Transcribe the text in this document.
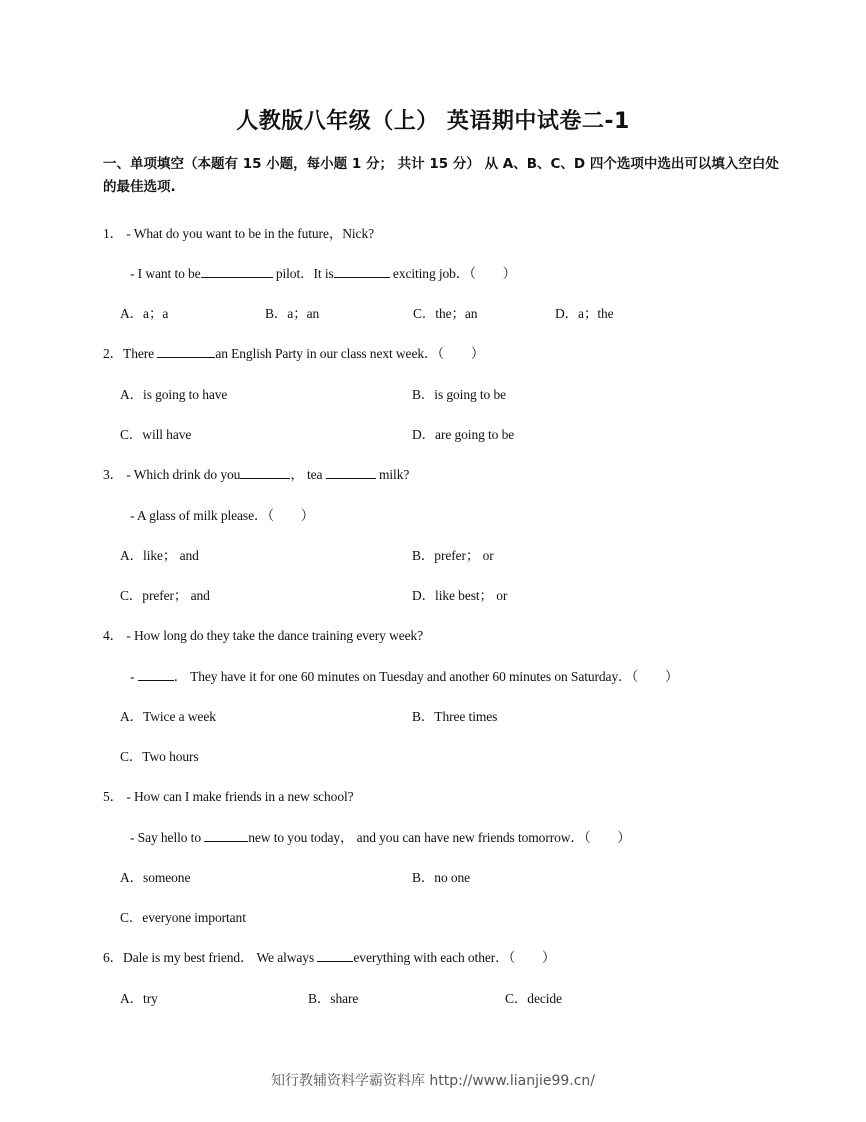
人教版八年级（上） 英语期中试卷二-1

一、单项填空（本题有 15 小题，每小题 1 分； 共计 15 分） 从 A、B、C、D 四个选项中选出可以填入空白处的最佳选项.

1． - What do you want to be in the future，Nick?
- I want to be	pilot．It is	exciting job．（　　）
A．a；a	B．a；an	C．the；an	D．a；the
2．There	an English Party in our class next week．（　　）
A．is going to have	B．is going to be
C．will have	D．are going to be
3． - Which drink do you	， tea	milk?
- A glass of milk please．（　　）
A．like； and	B．prefer； or
C．prefer； and	D．like best； or
4． - How long do they take the dance training every week?
-	． They have it for one 60 minutes on Tuesday and another 60 minutes on Saturday．（　　）
A．Twice a week	B．Three times
C．Two hours
5． - How can I make friends in a new school?
- Say hello to	new to you today， and you can have new friends tomorrow．（　　）
A．someone	B．no one
C．everyone important
6．Dale is my best friend． We always	everything with each other．（　　）
A．try	B．share	C．decide
知行教辅资料学霸资料库 http://www.lianjie99.cn/
